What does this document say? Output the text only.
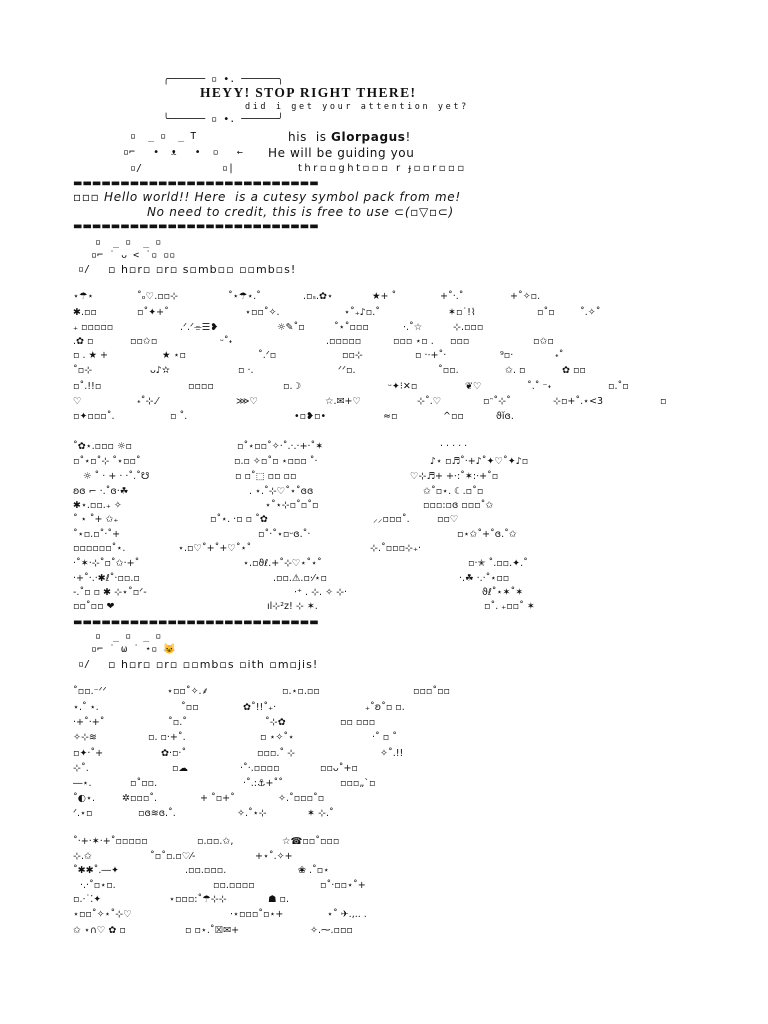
╭────── ▫ •. ──────╮
HEYY! STOP RIGHT THERE!
did i get your attention yet?
╰────── ▫ •. ──────╯
▫  _ ▫  _ T	his  is Glorpagus!
▫⌐   •  ᴥ   •  ▫   ← He will be guiding you
▫/	▫|	thr▫▫ght▫▫▫ r ɟ▫▫r▫▫▫
▬▬▬▬▬▬▬▬▬▬▬▬▬▬▬▬▬▬▬▬▬▬▬▬▬▬
▫▫▫ Hello world!! Here  is a cutesy symbol pack from me!
No need to credit, this is free to use ⊂(▫▽▫⊂)
▬▬▬▬▬▬▬▬▬▬▬▬▬▬▬▬▬▬▬▬▬▬▬▬▬▬
▫  _ ▫  _ ▫
▫⌐ ˙ ᴗ < ˙▫ ▫▫
▫/ ▫ h▫r▫ ▫r▫ s▫mb▫▫ ▫▫mb▫s!
⋆☂⋆	˚ₒ♡.▫▫⊹	˚⋆☂⋆.˚	.▫ₛ.✿⋆	★+ ˚	+˚·.˚	+˚✧▫.
✱.▫▫	▫˚✦+˚	⋆▫▫˚✧.	⋆˚₊♪▫.˚	✶▫˙!⌇	▫˚▫	˚.✧˚
₊ ▫▫▫▫▫	.ᐟ.ᐟ⌯☰❥	☼✎˚▫	˚⋆˚▫▫▫	⋅.˚☆	⊹.▫▫▫
.✿ ▫	▫▫✩▫	ᵕ˚˖	.▫▫▫▫▫	▫▫▫ ⋆▫ . ▫▫▫	▫✩▫
▫ . ★ +	★ ⋆▫	˚.ᐟ▫	▫▫⊹	▫ ·⋅+˚·	⁹▫·	˖˚
˚▫⊹	ᴗ♪✫	▫ ·.	ᐟᐟ▫.	˚▫▫.	✩. ▫	✿ ▫▫
▫˚.!!▫	▫▫▫▫	▫.☽	ᵕ✦⁝✕▫	❦♡	˚.˚ ⁻˖	▫.˚▫
♡	˖˚⊹.⁄	⋙♡	☆.✉+♡	⊹˚.♡	▫ᵔ˚⊹˚	⊹▫+˚.⋆<3	▫
▫✦▫▫▫˚.	▫ ˚.	•▫❥▫•	≈▫	^▫▫	ϑĭɞ.
˚✿⋆.▫▫▫ ☼▫	▫˚⋆▫▫˚✧·˚.·.·+·˚✶	· · · · ·
▫˚⋆▫˚⊹ ˚⋆▫▫˚	▫.▫ ✧▫˚▫ ⋆▫▫▫ ˚·	♪⋆ ▫♬˚·+♪˚✦♡˚✦♪▫
☼ ˚ · + · ·˚.˚☋	▫ ▫˚⬚ ▫▫ ▫▫	♡⊹♬+ +⋅:˚✶:⋅+˚▫
ʚɞ ⌐ ·.˚ɞ·☘	. ⋆.˚⊹♡˚⋆˚ɞɞ	✩˚▫⋆. ☾.▫˚▫
✱⋆.▫▫.₊ ✧	⋆˚⋆⊹▫˚▫˚▫	▫▫▫:▫ɞ ▫▫▫˚✩
˚ ⋆ ˚+ ✩₊	▫˚⋆. ·▫ ▫ ˚✿	⸝⸝▫▫▫˚.	▫▫♡
˚⋆▫.▫˚·˚+	▫˚·˚⋆▫ᵕɞ.˚·	▫⋆✩˚+˚ɞ.˚✩
▫▫▫▫▫▫˚⋆.	⋆.▫♡˚+˚+♡˚⋆˚	⊹.˚▫▫▫⊹₊·
·˚✶·⊹˚▫˚✩·+˚	⋆.▫ϑℓ.+˚⊹♡⋆˚⋆˚	▫·✭ ˚.▫▫.✦.˚
·+˚·.·✱ℓ˚·▫▫.▫	.▫▫.⚠.▫·⁄⋆▫	·.☘ ·.·˚⋆▫▫
-.˚▫ ▫ ✱ ⊹⋆˚▫ᐟ-	⋅⁺ . ⊹. ✧ ⊹·	ϑℓ˚⋆✶˚✶
▫▫˚▫▫ ❤	ıl⊹²z! ⊹ ✶.	▫˚. ₊▫▫˚ ✶
▬▬▬▬▬▬▬▬▬▬▬▬▬▬▬▬▬▬▬▬▬▬▬▬▬▬
▫  _ ▫  _ ▫
▫⌐ ˙ ω ˙ ⋆▫ 😺
▫/ ▫ h▫r▫ ▫r▫ ▫▫mb▫s ▫ith ▫m▫jis!
˚▫▫.⁻ᐟᐟ	⋆▫▫˚✧.⸙	▫.⋆▫.▫▫	▫▫▫˚▫▫
⋆.˚ ⋆.	˚▫▫	✿˚!!˚₊·	₊˚ʚ˚▫ ▫.
·+˚·+˚	˚▫.˚	˚⊹✿	▫▫ ▫▫▫
✧⊹≋	▫. ▫·+˚.	▫ ⋆✧˚⋆	·˚ ▫ ˚
▫✦·˚+	✿·▫·˚	▫▫▫.˚ ⊹	✧˚.!!
⊹˚.	▫☁	·˚·.▫▫▫▫	▫▫ᴗ˚+▫
―⋆.	▫˚▫▫.	·˚.:⚓+˚˚	▫▫▫„`▫
˚◐⋆.	✲▫▫▫˚.	+ ˚▫+˚	✧.˚▫▫▫˚▫
ᐟ.⋆▫	▫ɞ≋ɞ.˚.	✧.˚⋆⊹	✶ ⊹.˚
˚·+·✶·+˚▫▫▫▫▫	▫.▫▫.✩,	☆☎▫▫˚▫▫▫
⊹.✩	˚▫˚▫.▫♡⁄-	+⋆˚.✧+
˚✱✱˚.―✦	.▫▫.▫▫▫.	❀ .˚▫⋆
·.·˚▫⋆▫.	▫▫.▫▫▫▫	▫˚·▫▫⋆˚+
▫.⋅˙⁚✦	⋆▫▫▫:˚☂⊹⊹	☗ ▫.
⋆▫▫˚✧⋆˚⊹♡	⋅⋆▫▫▫˚▫⋆+	⋆˚ ✈.,.. .
✩ ⋆∩♡ ✿ ▫	▫ ▫⋆.˚☒✉+	✧.⁓.▫▫▫
